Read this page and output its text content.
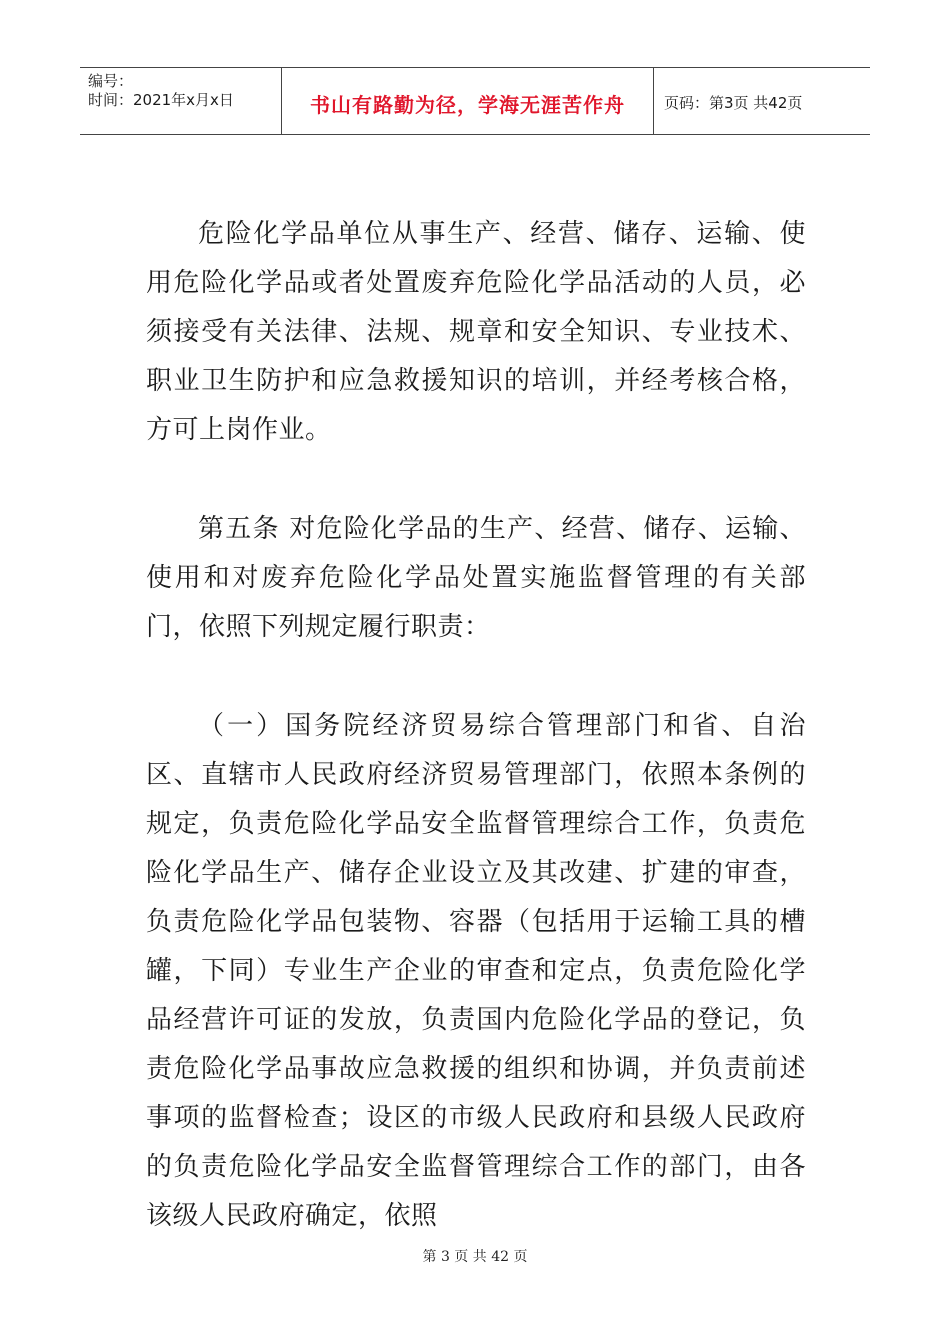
编号：
时间：2021年x月x日	书山有路勤为径，学海无涯苦作舟	页码：第3页 共42页

危险化学品单位从事生产、经营、储存、运输、使用危险化学品或者处置废弃危险化学品活动的人员，必须接受有关法律、法规、规章和安全知识、专业技术、职业卫生防护和应急救援知识的培训，并经考核合格，方可上岗作业。

第五条 对危险化学品的生产、经营、储存、运输、使用和对废弃危险化学品处置实施监督管理的有关部门，依照下列规定履行职责：

（一）国务院经济贸易综合管理部门和省、自治区、直辖市人民政府经济贸易管理部门，依照本条例的规定，负责危险化学品安全监督管理综合工作，负责危险化学品生产、储存企业设立及其改建、扩建的审查，负责危险化学品包装物、容器（包括用于运输工具的槽罐，下同）专业生产企业的审查和定点，负责危险化学品经营许可证的发放，负责国内危险化学品的登记，负责危险化学品事故应急救援的组织和协调，并负责前述事项的监督检查；设区的市级人民政府和县级人民政府的负责危险化学品安全监督管理综合工作的部门，由各该级人民政府确定，依照

第 3 页 共 42 页
